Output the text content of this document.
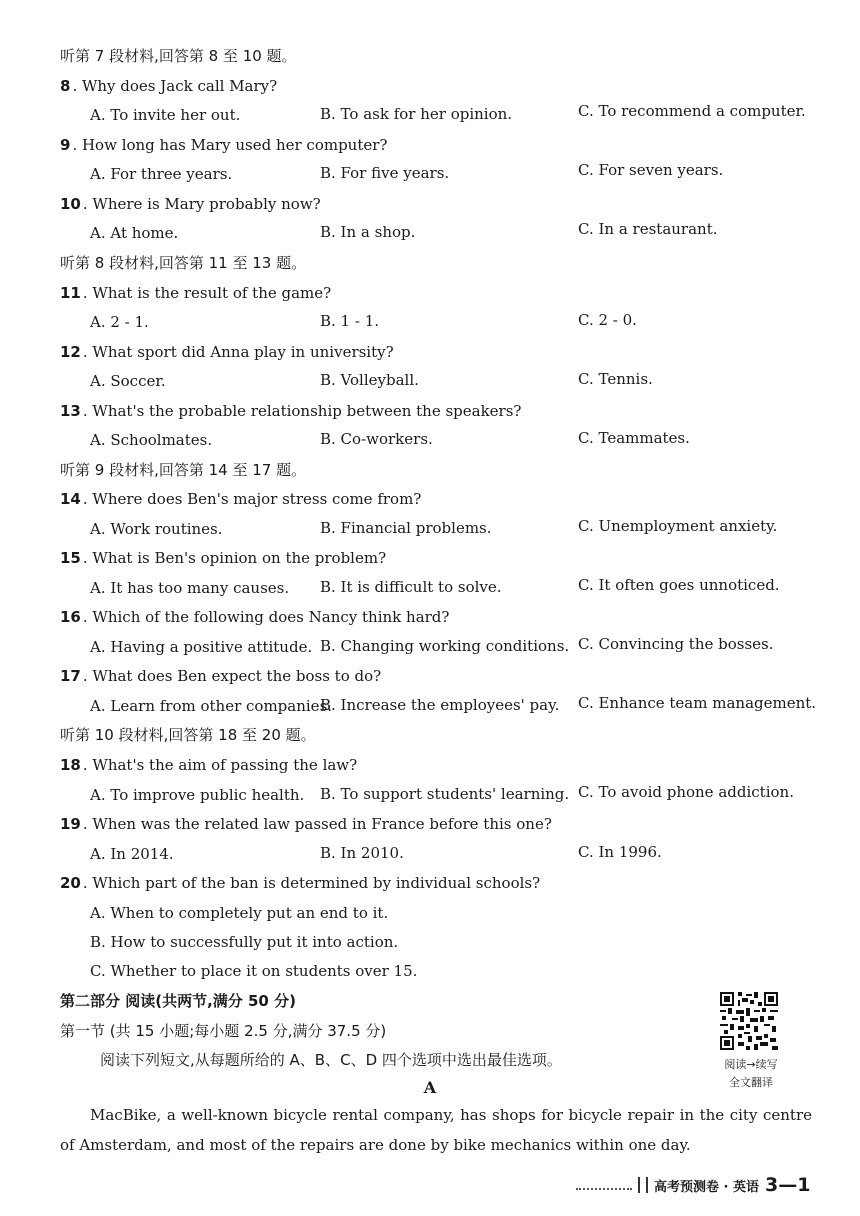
听第 7 段材料,回答第 8 至 10 题。
8 . Why does Jack call Mary?
A. To invite her out.	B. To ask for her opinion.	C. To recommend a computer.
9 . How long has Mary used her computer?
A. For three years.	B. For five years.	C. For seven years.
10 . Where is Mary probably now?
A. At home.	B. In a shop.	C. In a restaurant.
听第 8 段材料,回答第 11 至 13 题。
11 . What is the result of the game?
A. 2 - 1.	B. 1 - 1.	C. 2 - 0.
12 . What sport did Anna play in university?
A. Soccer.	B. Volleyball.	C. Tennis.
13 . What's the probable relationship between the speakers?
A. Schoolmates.	B. Co-workers.	C. Teammates.
听第 9 段材料,回答第 14 至 17 题。
14 . Where does Ben's major stress come from?
A. Work routines.	B. Financial problems.	C. Unemployment anxiety.
15 . What is Ben's opinion on the problem?
A. It has too many causes. B. It is difficult to solve.	C. It often goes unnoticed.
16 . Which of the following does Nancy think hard?
A. Having a positive attitude. B. Changing working conditions. C. Convincing the bosses.
17 . What does Ben expect the boss to do?
A. Learn from other companies.
B. Increase the employees' pay. C. Enhance team management.
听第 10 段材料,回答第 18 至 20 题。
18 . What's the aim of passing the law?
A. To improve public health. B. To support students' learning. C. To avoid phone addiction.
19 . When was the related law passed in France before this one?
A. In 2014.	B. In 2010.	C. In 1996.
20 . Which part of the ban is determined by individual schools?
A. When to completely put an end to it.
B. How to successfully put it into action.
C. Whether to place it on students over 15.
第二部分 阅读(共两节,满分 50 分)
第一节 (共 15 小题;每小题 2.5 分,满分 37.5 分)
阅读下列短文,从每题所给的 A、B、C、D 四个选项中选出最佳选项。	阅读→续写
全文翻译
A
MacBike, a well-known bicycle rental company, has shops for bicycle repair in the city centre of Amsterdam, and most of the repairs are done by bike mechanics within one day.
高考预测卷 · 英语 3—1
